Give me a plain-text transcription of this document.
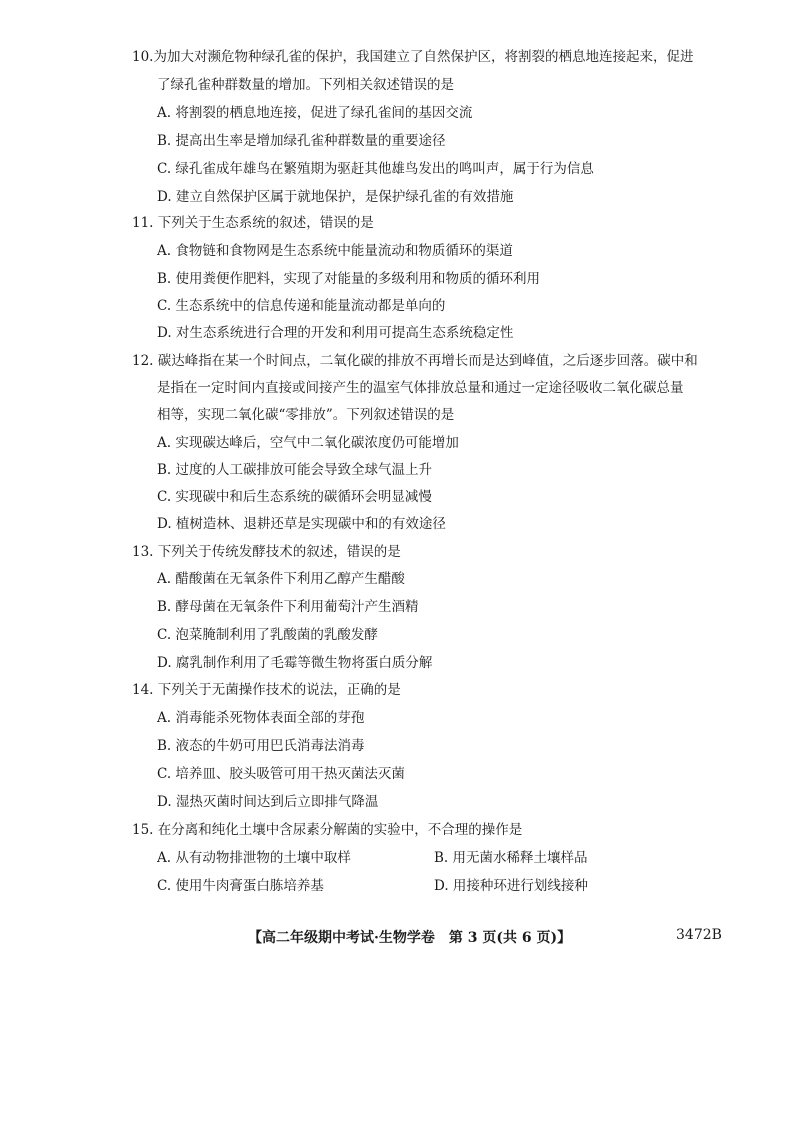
10.为加大对濒危物种绿孔雀的保护，我国建立了自然保护区，将割裂的栖息地连接起来，促进
了绿孔雀种群数量的增加。下列相关叙述错误的是
A. 将割裂的栖息地连接，促进了绿孔雀间的基因交流
B. 提高出生率是增加绿孔雀种群数量的重要途径
C. 绿孔雀成年雄鸟在繁殖期为驱赶其他雄鸟发出的鸣叫声，属于行为信息
D. 建立自然保护区属于就地保护，是保护绿孔雀的有效措施
11. 下列关于生态系统的叙述，错误的是
A. 食物链和食物网是生态系统中能量流动和物质循环的渠道
B. 使用粪便作肥料，实现了对能量的多级利用和物质的循环利用
C. 生态系统中的信息传递和能量流动都是单向的
D. 对生态系统进行合理的开发和利用可提高生态系统稳定性
12. 碳达峰指在某一个时间点，二氧化碳的排放不再增长而是达到峰值，之后逐步回落。碳中和
是指在一定时间内直接或间接产生的温室气体排放总量和通过一定途径吸收二氧化碳总量
相等，实现二氧化碳“零排放”。下列叙述错误的是
A. 实现碳达峰后，空气中二氧化碳浓度仍可能增加
B. 过度的人工碳排放可能会导致全球气温上升
C. 实现碳中和后生态系统的碳循环会明显减慢
D. 植树造林、退耕还草是实现碳中和的有效途径
13. 下列关于传统发酵技术的叙述，错误的是
A. 醋酸菌在无氧条件下利用乙醇产生醋酸
B. 酵母菌在无氧条件下利用葡萄汁产生酒精
C. 泡菜腌制利用了乳酸菌的乳酸发酵
D. 腐乳制作利用了毛霉等微生物将蛋白质分解
14. 下列关于无菌操作技术的说法，正确的是
A. 消毒能杀死物体表面全部的芽孢
B. 液态的牛奶可用巴氏消毒法消毒
C. 培养皿、胶头吸管可用干热灭菌法灭菌
D. 湿热灭菌时间达到后立即排气降温
15. 在分离和纯化土壤中含尿素分解菌的实验中，不合理的操作是
A. 从有动物排泄物的土壤中取样	B. 用无菌水稀释土壤样品
C. 使用牛肉膏蛋白胨培养基	D. 用接种环进行划线接种
【高二年级期中考试·生物学卷　第 3 页(共 6 页)】	3472B
